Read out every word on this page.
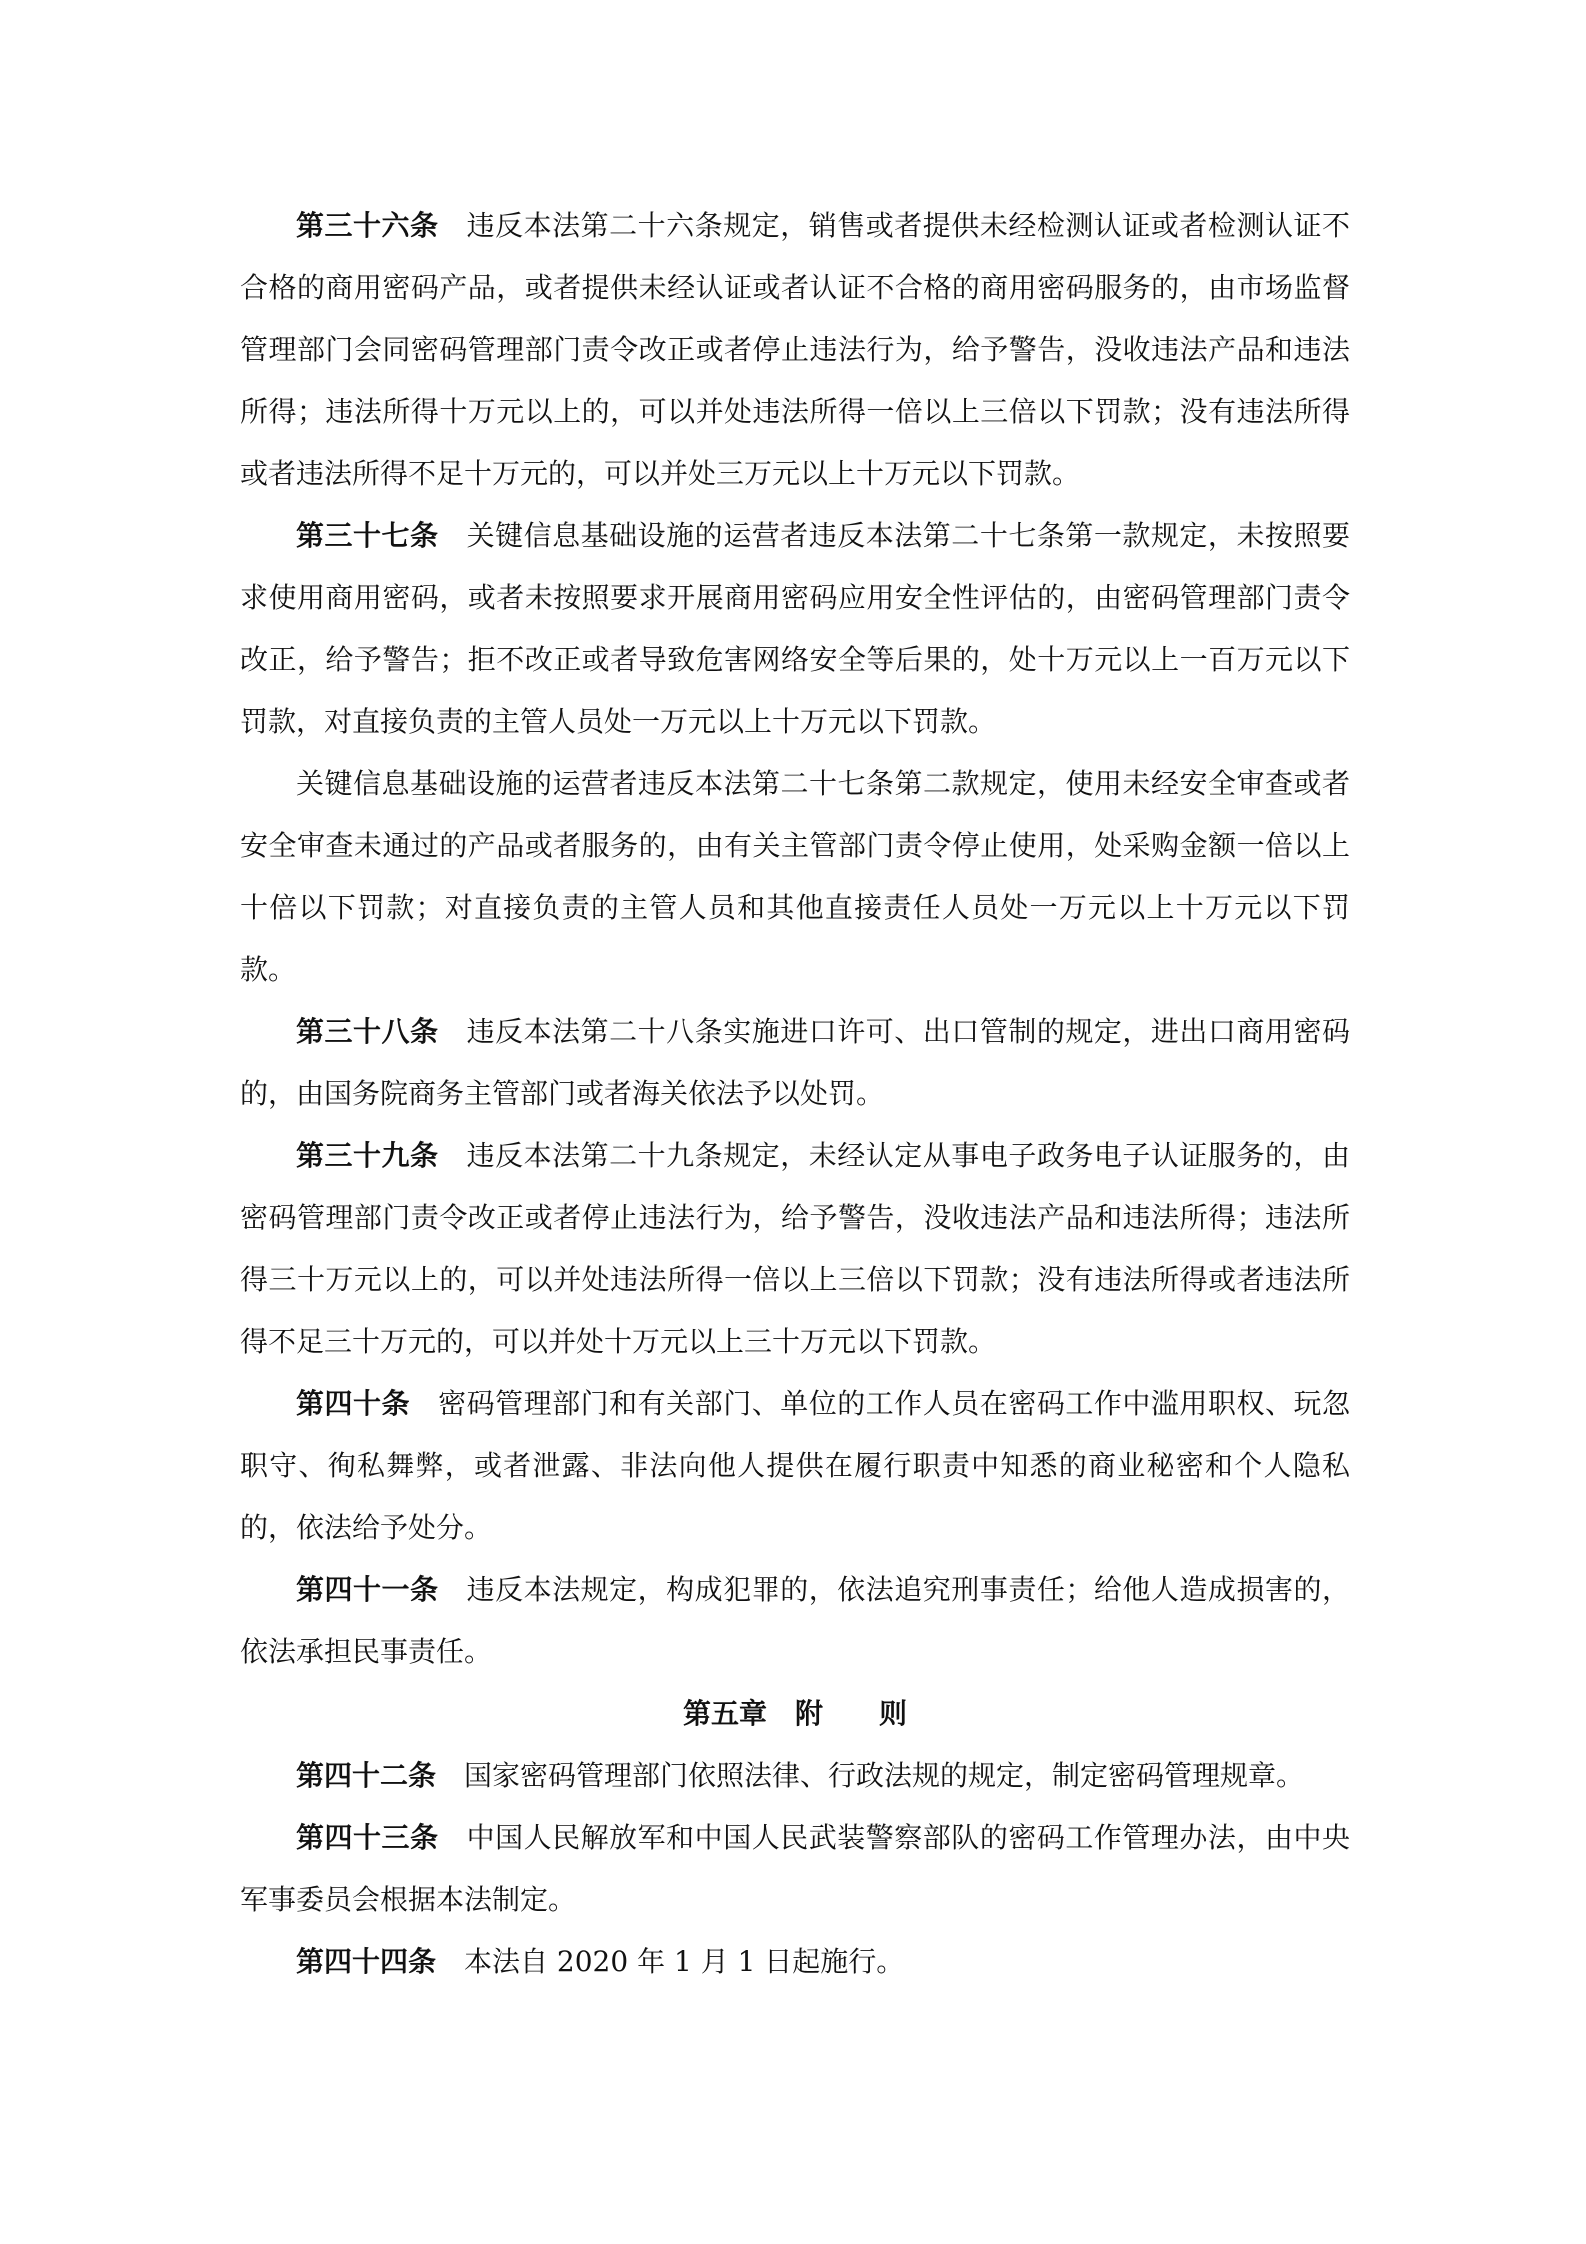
第三十六条 违反本法第二十六条规定，销售或者提供未经检测认证或者检测认证不合格的商用密码产品，或者提供未经认证或者认证不合格的商用密码服务的，由市场监督管理部门会同密码管理部门责令改正或者停止违法行为，给予警告，没收违法产品和违法所得；违法所得十万元以上的，可以并处违法所得一倍以上三倍以下罚款；没有违法所得或者违法所得不足十万元的，可以并处三万元以上十万元以下罚款。

第三十七条 关键信息基础设施的运营者违反本法第二十七条第一款规定，未按照要求使用商用密码，或者未按照要求开展商用密码应用安全性评估的，由密码管理部门责令改正，给予警告；拒不改正或者导致危害网络安全等后果的，处十万元以上一百万元以下罚款，对直接负责的主管人员处一万元以上十万元以下罚款。

关键信息基础设施的运营者违反本法第二十七条第二款规定，使用未经安全审查或者安全审查未通过的产品或者服务的，由有关主管部门责令停止使用，处采购金额一倍以上十倍以下罚款；对直接负责的主管人员和其他直接责任人员处一万元以上十万元以下罚款。

第三十八条 违反本法第二十八条实施进口许可、出口管制的规定，进出口商用密码的，由国务院商务主管部门或者海关依法予以处罚。

第三十九条 违反本法第二十九条规定，未经认定从事电子政务电子认证服务的，由密码管理部门责令改正或者停止违法行为，给予警告，没收违法产品和违法所得；违法所得三十万元以上的，可以并处违法所得一倍以上三倍以下罚款；没有违法所得或者违法所得不足三十万元的，可以并处十万元以上三十万元以下罚款。

第四十条 密码管理部门和有关部门、单位的工作人员在密码工作中滥用职权、玩忽职守、徇私舞弊，或者泄露、非法向他人提供在履行职责中知悉的商业秘密和个人隐私的，依法给予处分。

第四十一条 违反本法规定，构成犯罪的，依法追究刑事责任；给他人造成损害的，依法承担民事责任。

第五章 附　　则

第四十二条 国家密码管理部门依照法律、行政法规的规定，制定密码管理规章。

第四十三条 中国人民解放军和中国人民武装警察部队的密码工作管理办法，由中央军事委员会根据本法制定。

第四十四条 本法自 2020 年 1 月 1 日起施行。
